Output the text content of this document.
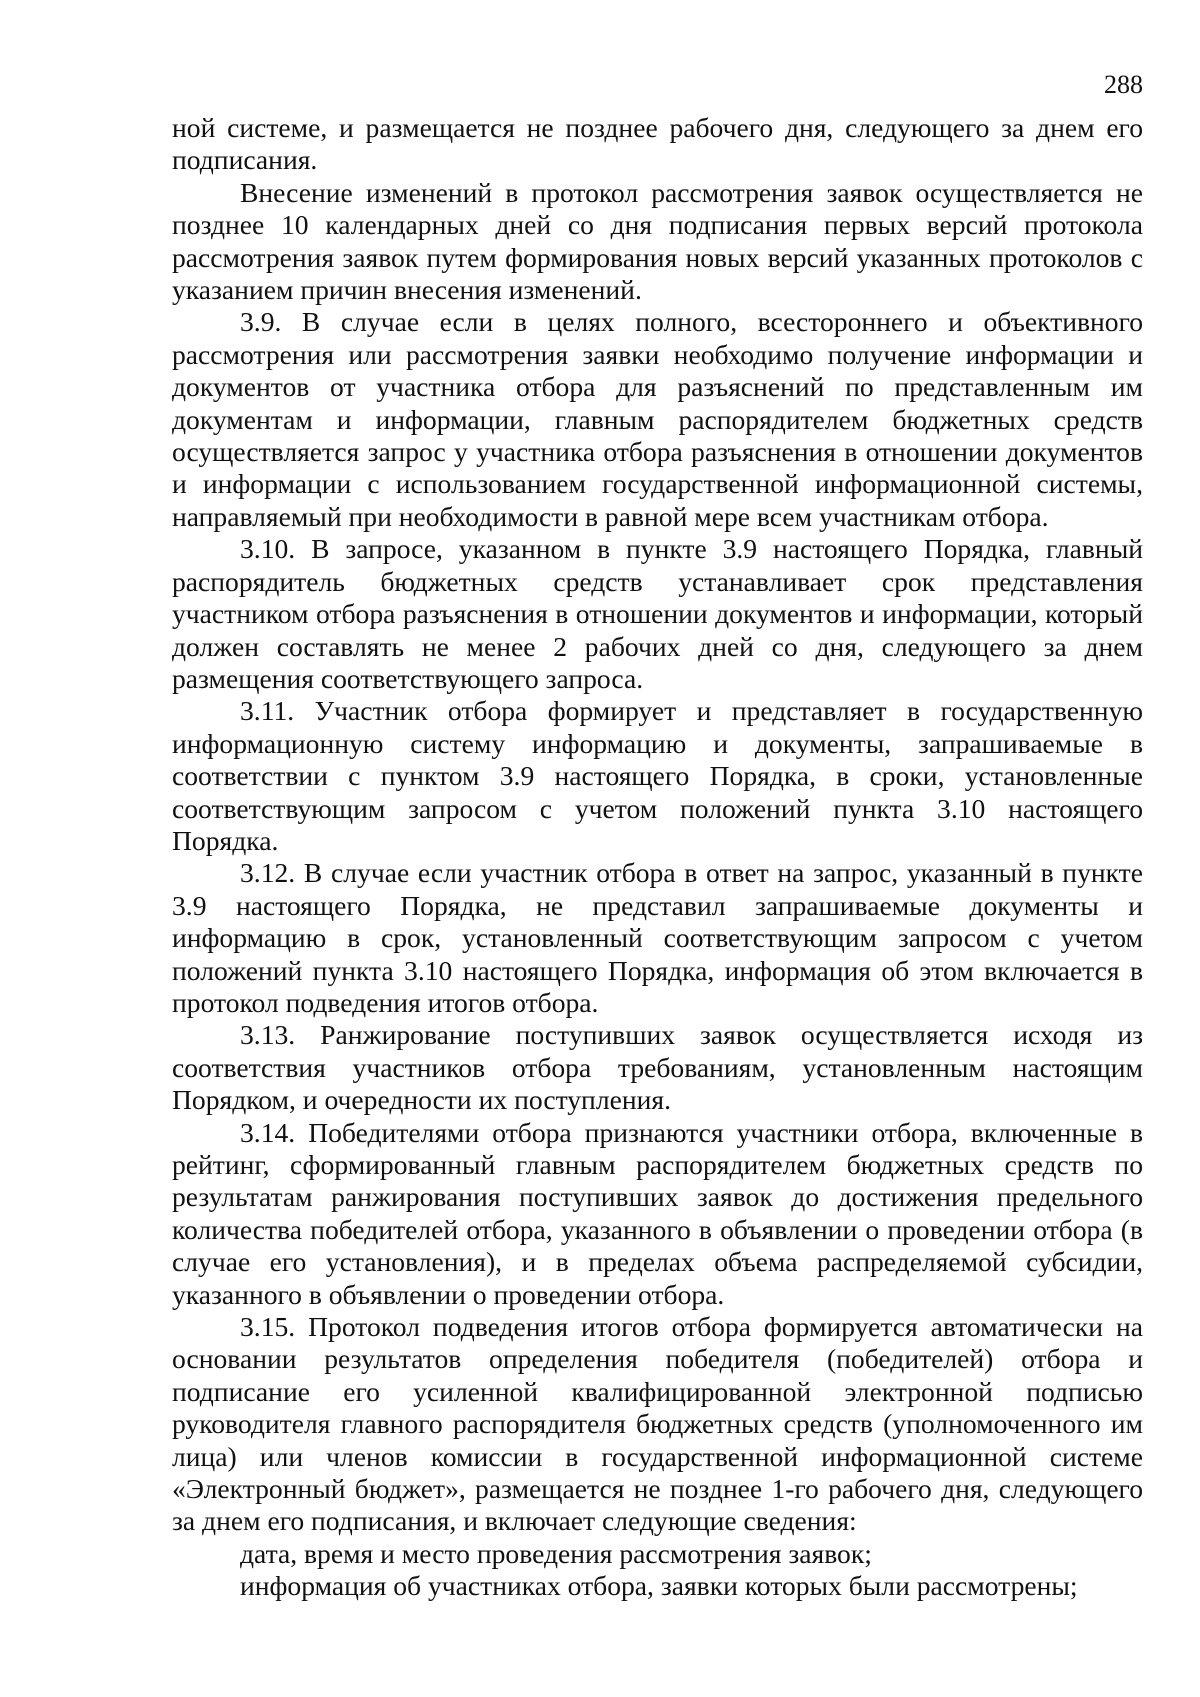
288

ной системе, и размещается не позднее рабочего дня, следующего за днем его подписания.

Внесение изменений в протокол рассмотрения заявок осуществляется не позднее 10 календарных дней со дня подписания первых версий протокола рассмотрения заявок путем формирования новых версий указанных протоколов с указанием причин внесения изменений.

3.9. В случае если в целях полного, всестороннего и объективного рассмотрения или рассмотрения заявки необходимо получение информации и документов от участника отбора для разъяснений по представленным им документам и информации, главным распорядителем бюджетных средств осуществляется запрос у участника отбора разъяснения в отношении документов и информации с использованием государственной информационной системы, направляемый при необходимости в равной мере всем участникам отбора.

3.10. В запросе, указанном в пункте 3.9 настоящего Порядка, главный распорядитель бюджетных средств устанавливает срок представления участником отбора разъяснения в отношении документов и информации, который должен составлять не менее 2 рабочих дней со дня, следующего за днем размещения соответствующего запроса.

3.11. Участник отбора формирует и представляет в государственную информационную систему информацию и документы, запрашиваемые в соответствии с пунктом 3.9 настоящего Порядка, в сроки, установленные соответствующим запросом с учетом положений пункта 3.10 настоящего Порядка.

3.12. В случае если участник отбора в ответ на запрос, указанный в пункте 3.9 настоящего Порядка, не представил запрашиваемые документы и информацию в срок, установленный соответствующим запросом с учетом положений пункта 3.10 настоящего Порядка, информация об этом включается в протокол подведения итогов отбора.

3.13. Ранжирование поступивших заявок осуществляется исходя из соответствия участников отбора требованиям, установленным настоящим Порядком, и очередности их поступления.

3.14. Победителями отбора признаются участники отбора, включенные в рейтинг, сформированный главным распорядителем бюджетных средств по результатам ранжирования поступивших заявок до достижения предельного количества победителей отбора, указанного в объявлении о проведении отбора (в случае его установления), и в пределах объема распределяемой субсидии, указанного в объявлении о проведении отбора.

3.15. Протокол подведения итогов отбора формируется автоматически на основании результатов определения победителя (победителей) отбора и подписание его усиленной квалифицированной электронной подписью руководителя главного распорядителя бюджетных средств (уполномоченного им лица) или членов комиссии в государственной информационной системе «Электронный бюджет», размещается не позднее 1-го рабочего дня, следующего за днем его подписания, и включает следующие сведения:

дата, время и место проведения рассмотрения заявок;

информация об участниках отбора, заявки которых были рассмотрены;
